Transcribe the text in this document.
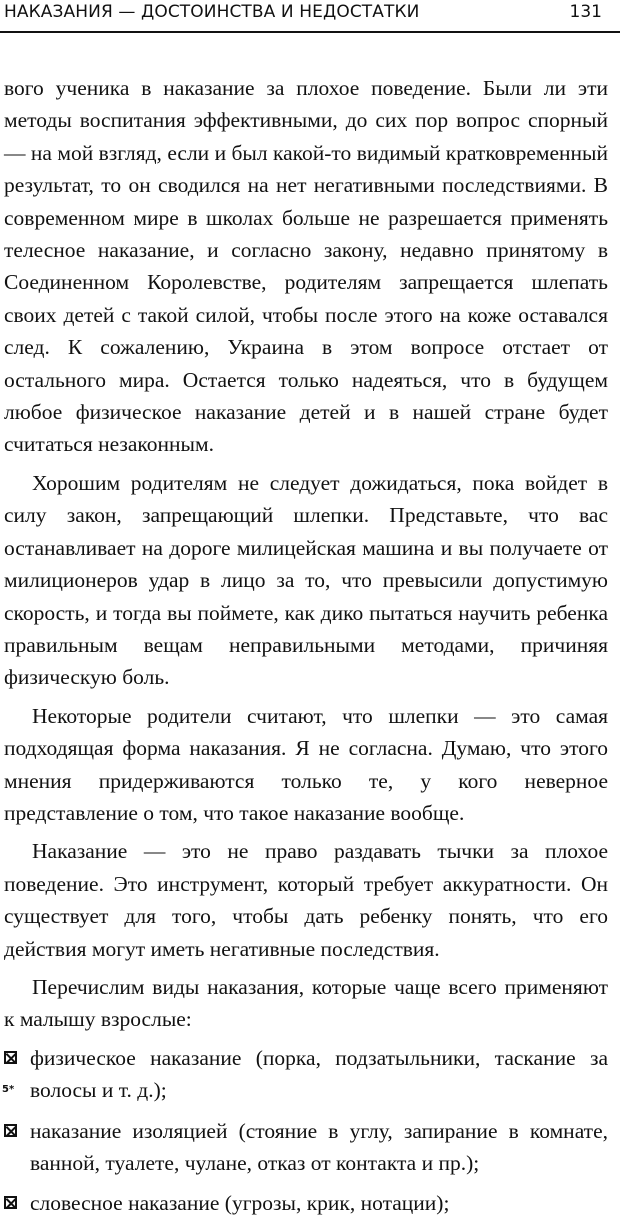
НАКАЗАНИЯ — ДОСТОИНСТВА И НЕДОСТАТКИ	131

вого ученика в наказание за плохое поведение. Были ли эти методы воспитания эффективными, до сих пор вопрос спорный — на мой взгляд, если и был какой-то видимый кратковременный результат, то он сводился на нет негативными последствиями. В современном мире в школах больше не разрешается применять телесное наказание, и согласно закону, недавно принятому в Соединенном Королевстве, родителям запрещается шлепать своих детей с такой силой, чтобы после этого на коже оставался след. К сожалению, Украина в этом вопросе отстает от остального мира. Остается только надеяться, что в будущем любое физическое наказание детей и в нашей стране будет считаться незаконным.

Хорошим родителям не следует дожидаться, пока войдет в силу закон, запрещающий шлепки. Представьте, что вас останавливает на дороге милицейская машина и вы получаете от милиционеров удар в лицо за то, что превысили допустимую скорость, и тогда вы поймете, как дико пытаться научить ребенка правильным вещам неправильными методами, причиняя физическую боль.

Некоторые родители считают, что шлепки — это самая подходящая форма наказания. Я не согласна. Думаю, что этого мнения придерживаются только те, у кого неверное представление о том, что такое наказание вообще.

Наказание — это не право раздавать тычки за плохое поведение. Это инструмент, который требует аккуратности. Он существует для того, чтобы дать ребенку понять, что его действия могут иметь негативные последствия.

Перечислим виды наказания, которые чаще всего применяют к малышу взрослые:

физическое наказание (порка, подзатыльники, таскание за волосы и т. д.);
наказание изоляцией (стояние в углу, запирание в комнате, ванной, туалете, чулане, отказ от контакта и пр.);
словесное наказание (угрозы, крик, нотации);
5*
